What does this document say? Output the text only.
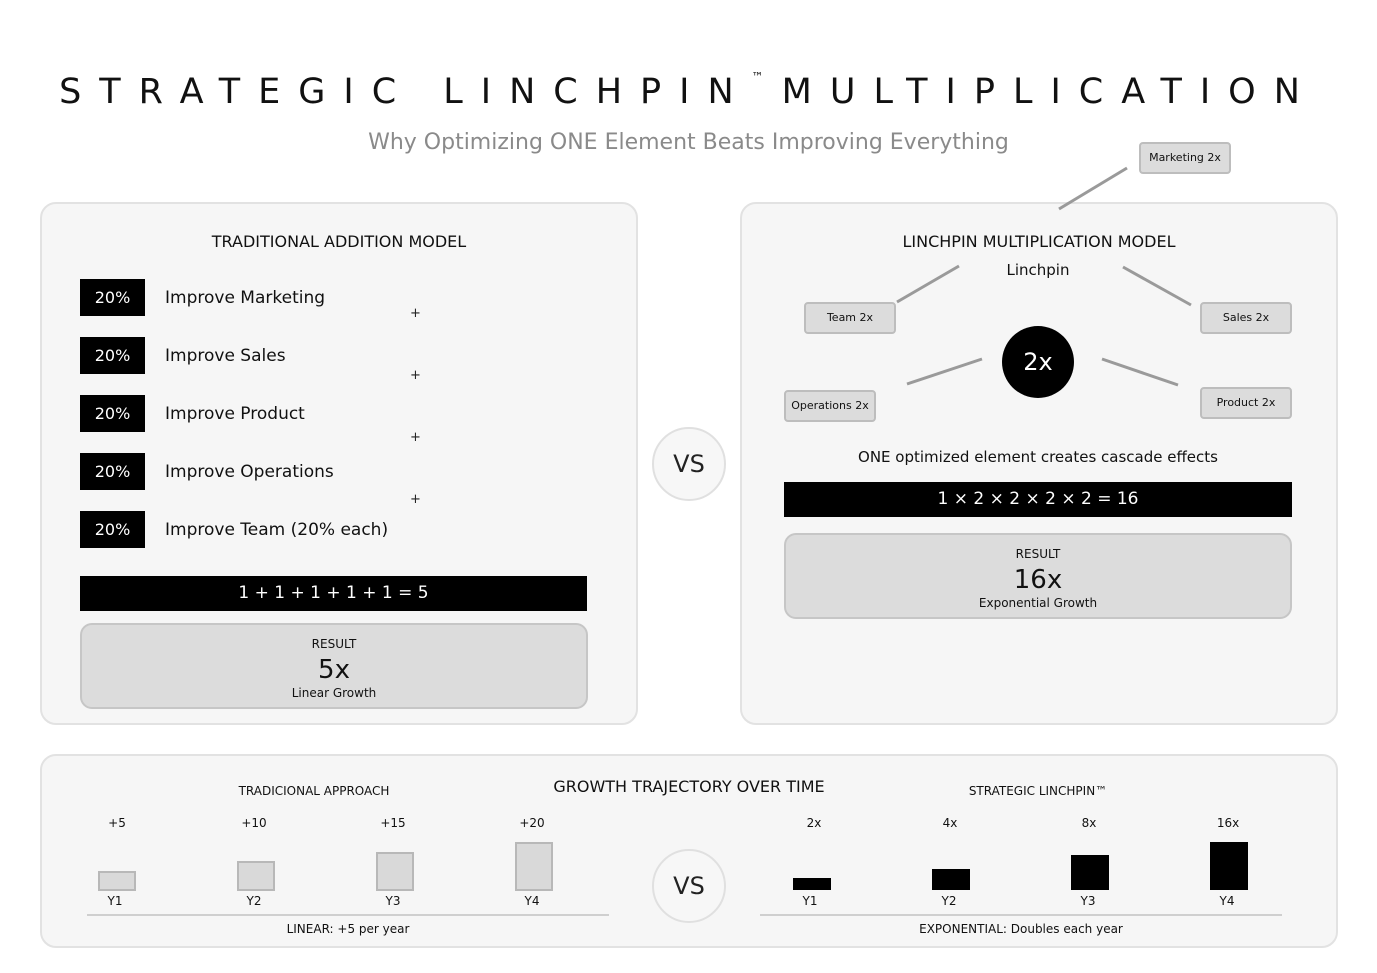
STRATEGIC LINCHPIN™ MULTIPLICATION
Why Optimizing ONE Element Beats Improving Everything
TRADITIONAL ADDITION MODEL
20%	Improve Marketing
+
20%	Improve Sales
+
20%	Improve Product
+
20%	Improve Operations
+
20%	Improve Team (20% each)
1 + 1 + 1 + 1 + 1 = 5
RESULT
5x
Linear Growth
VS
LINCHPIN MULTIPLICATION MODEL
Linchpin
2x
Marketing 2x
Team 2x	Sales 2x
Operations 2x	Product 2x
ONE optimized element creates cascade effects
1 × 2 × 2 × 2 × 2 = 16
RESULT
16x
Exponential Growth
GROWTH TRAJECTORY OVER TIME
TRADICIONAL APPROACH	STRATEGIC LINCHPIN™
+5
Y1
+10
Y2
+15
Y3
+20
Y4
LINEAR: +5 per year
VS
2x
Y1
4x
Y2
8x
Y3
16x
Y4
EXPONENTIAL: Doubles each year
